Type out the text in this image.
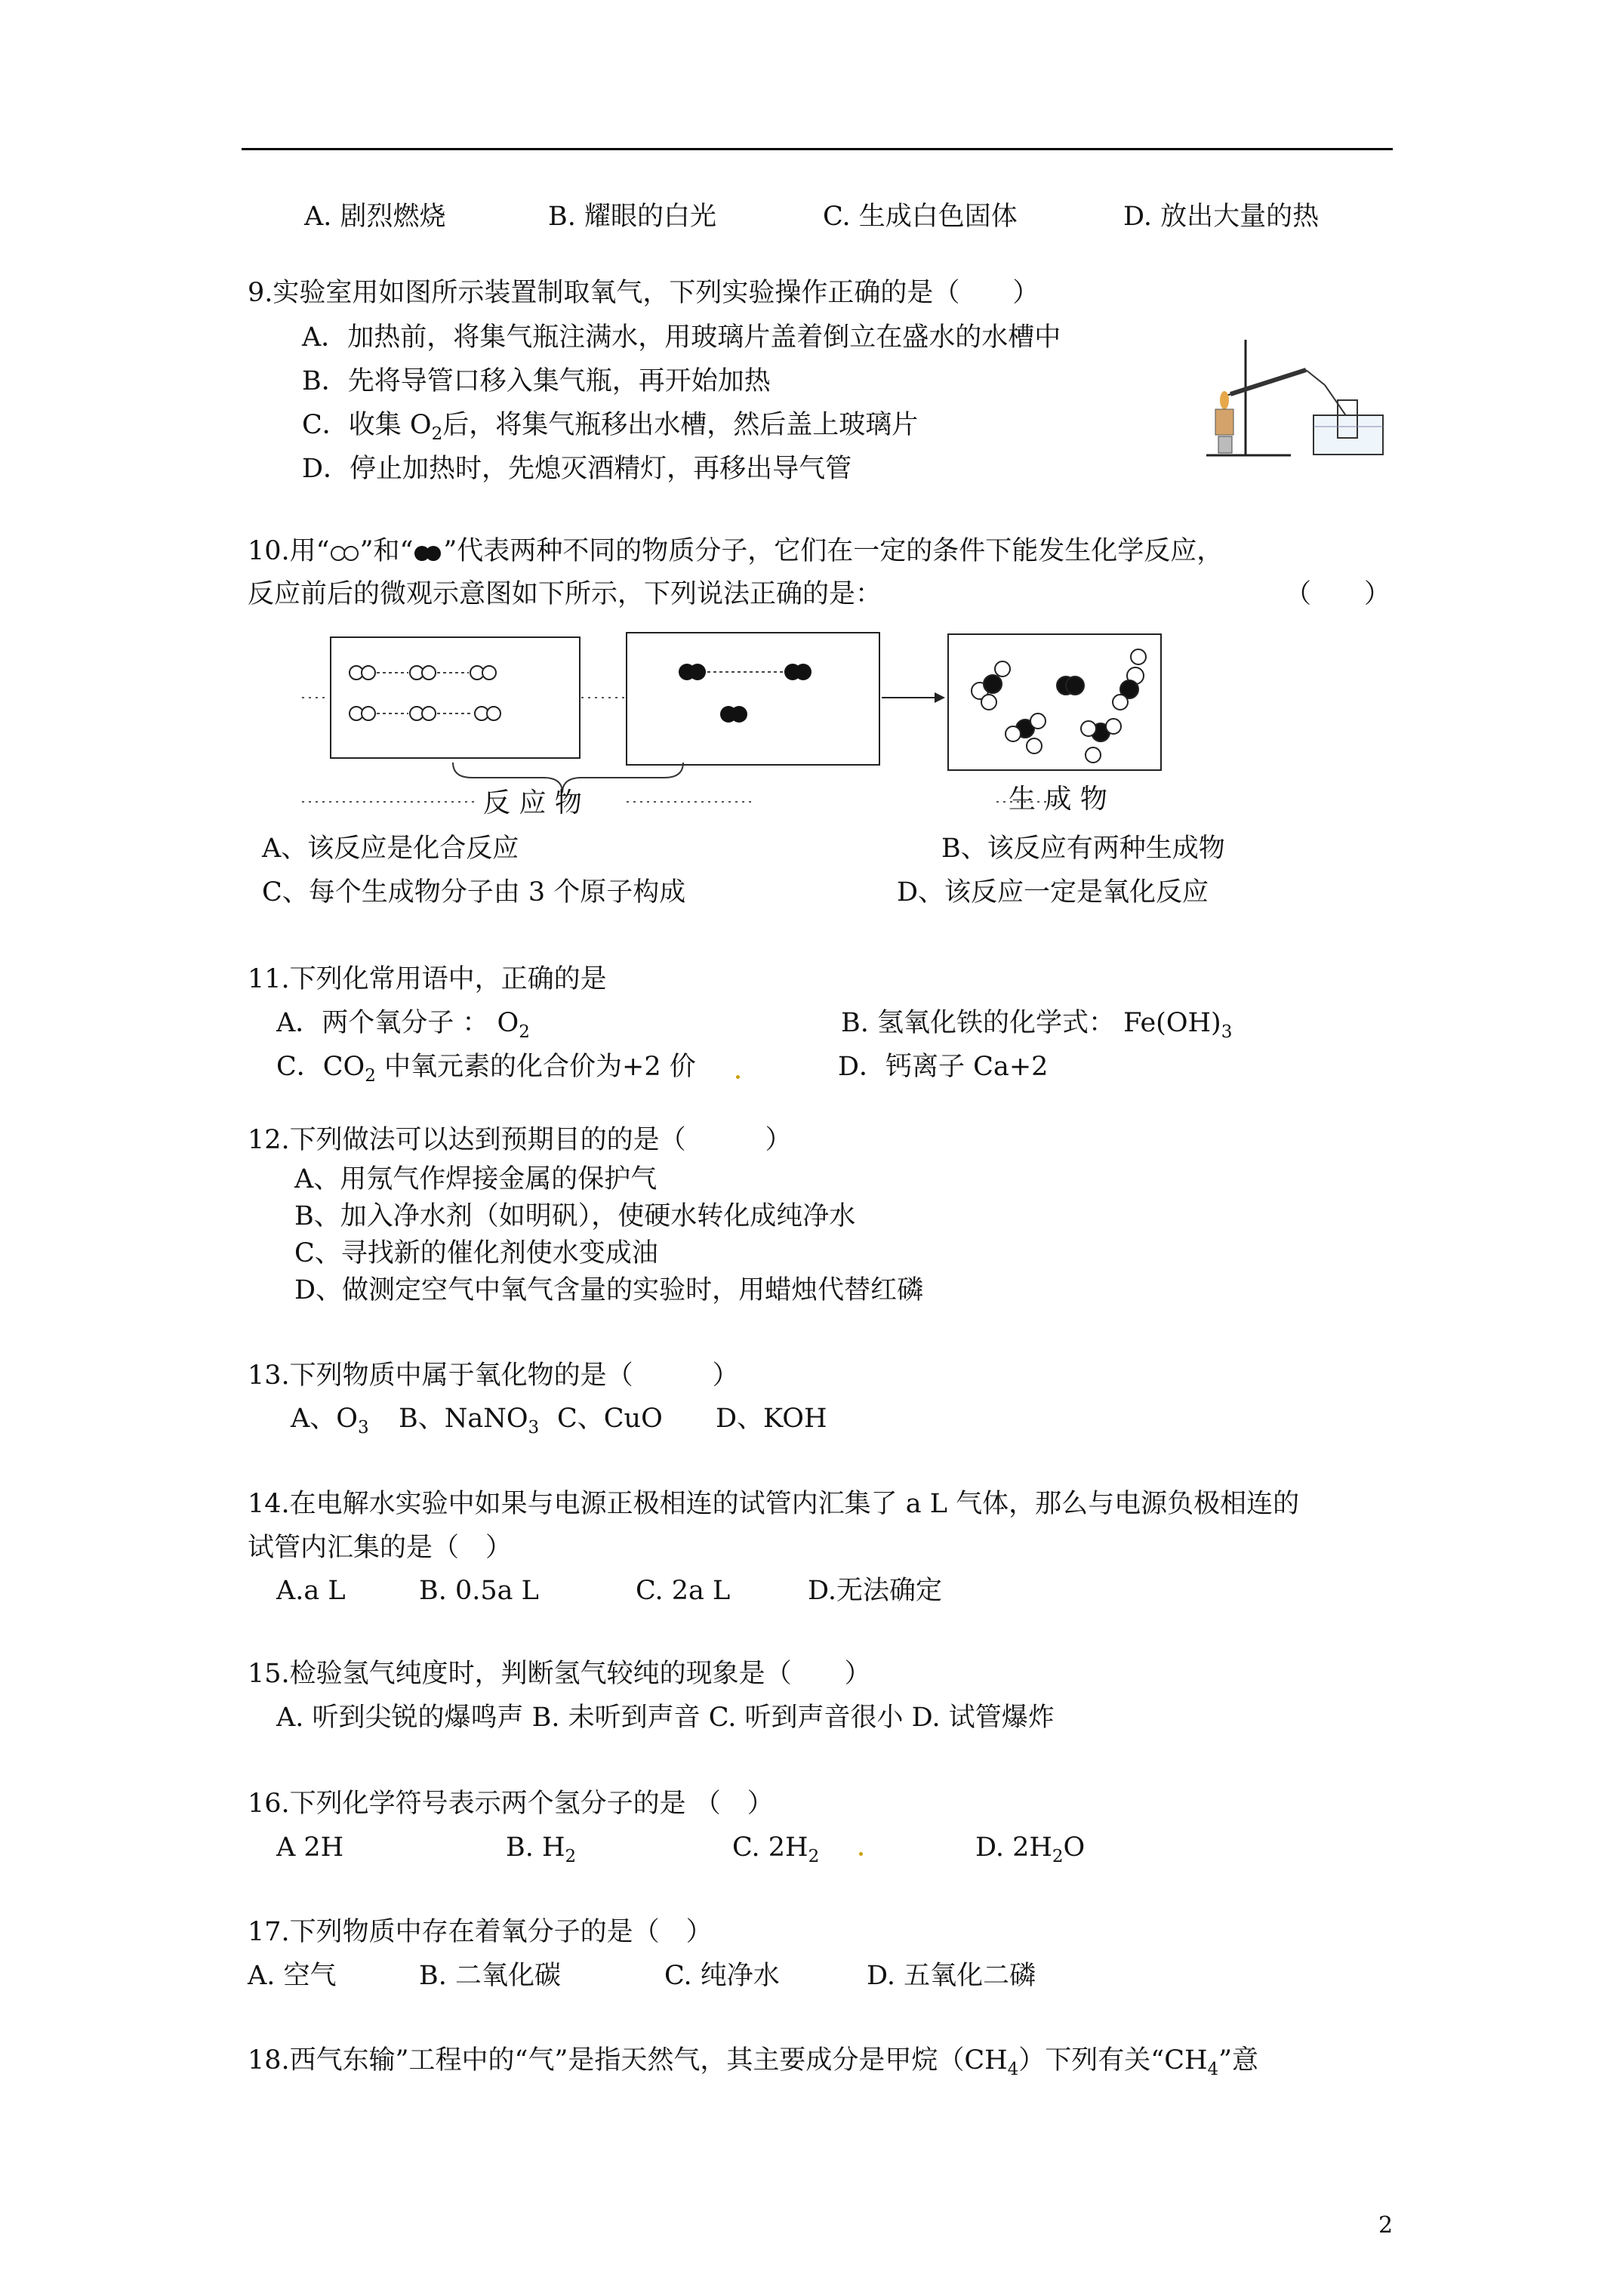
A. 剧烈燃烧	B. 耀眼的白光	C. 生成白色固体	D. 放出大量的热
9.实验室用如图所示装置制取氧气，下列实验操作正确的是（　　）
A．加热前，将集气瓶注满水，用玻璃片盖着倒立在盛水的水槽中
B．先将导管口移入集气瓶，再开始加热
C．收集 $O_2$后，将集气瓶移出水槽，然后盖上玻璃片
D．停止加热时，先熄灭酒精灯，再移出导气管
10.用“ ”和“ ”代表两种不同的物质分子，它们在一定的条件下能发生化学反应，
反应前后的微观示意图如下所示，下列说法正确的是：	（　　）
反 应 物	生 成 物
A、该反应是化合反应	B、该反应有两种生成物
C、每个生成物分子由 3 个原子构成	D、该反应一定是氧化反应
11.下列化常用语中，正确的是
A．两个氧分子 ： $O_2$	B. 氢氧化铁的化学式： $Fe(OH)_3$
C．$CO_2$ 中氧元素的化合价为+2 价	D．钙离子 Ca+2
12.下列做法可以达到预期目的的是（　　　）
A、用氖气作焊接金属的保护气
B、加入净水剂（如明矾），使硬水转化成纯净水
C、寻找新的催化剂使水变成油
D、做测定空气中氧气含量的实验时，用蜡烛代替红磷
13.下列物质中属于氧化物的是（　　　）
A、$O_3$ B、NaNO$_3$ C、CuO D、KOH
14.在电解水实验中如果与电源正极相连的试管内汇集了 a L 气体，那么与电源负极相连的
试管内汇集的是（　）
A.a L	B. 0.5a L	C. 2a L	D.无法确定
15.检验氢气纯度时，判断氢气较纯的现象是（　　）
A. 听到尖锐的爆鸣声 B. 未听到声音 C. 听到声音很小 D. 试管爆炸
16.下列化学符号表示两个氢分子的是 （　）
A 2H	B. $H_2$	C. $2H_2$	D. $2H_2O$
17.下列物质中存在着氧分子的是（　）
A. 空气	B. 二氧化碳	C. 纯净水	D. 五氧化二磷
18.西气东输”工程中的“气”是指天然气，其主要成分是甲烷$(CH_4)$下列有关“$CH_4$”意
2
